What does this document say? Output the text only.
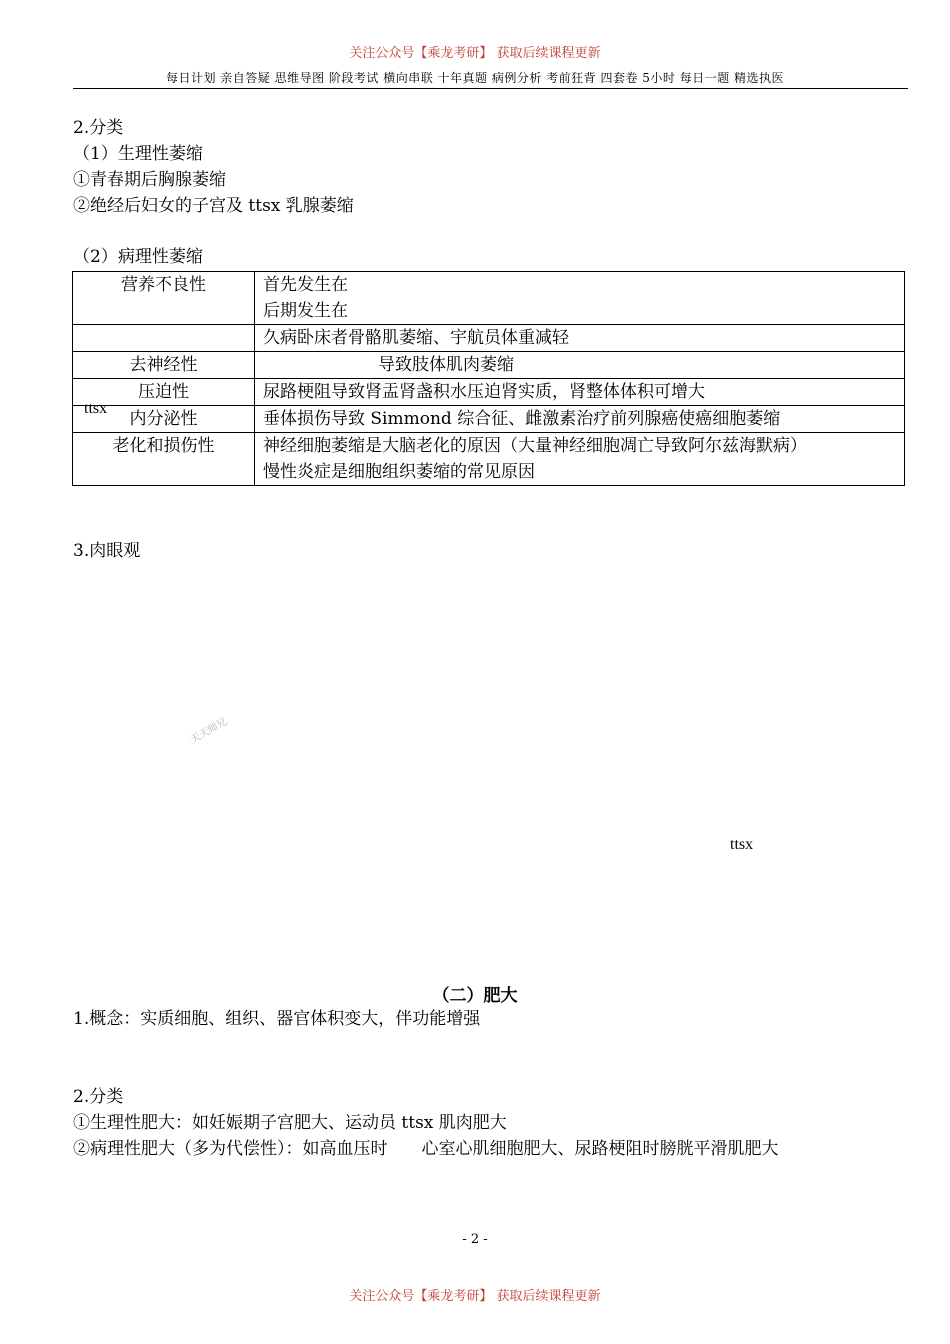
关注公众号【乘龙考研】 获取后续课程更新
每日计划 亲自答疑 思维导图 阶段考试 横向串联 十年真题 病例分析 考前狂背 四套卷 5小时 每日一题 精选执医
2.分类
（1）生理性萎缩
①青春期后胸腺萎缩
②绝经后妇女的子宫及 ttsx 乳腺萎缩
（2）病理性萎缩
营养不良性	首先发生在
后期发生在

	久病卧床者骨骼肌萎缩、宇航员体重减轻

去神经性	导致肢体肌肉萎缩

压迫性	尿路梗阻导致肾盂肾盏积水压迫肾实质，肾整体体积可增大

内分泌性	垂体损伤导致 Simmond 综合征、雌激素治疗前列腺癌使癌细胞萎缩

老化和损伤性	神经细胞萎缩是大脑老化的原因（大量神经细胞凋亡导致阿尔兹海默病）
慢性炎症是细胞组织萎缩的常见原因
ttsx
3.肉眼观
天天师兄
ttsx
（二）肥大
1.概念：实质细胞、组织、器官体积变大，伴功能增强
2.分类
①生理性肥大：如妊娠期子宫肥大、运动员 ttsx 肌肉肥大
②病理性肥大（多为代偿性）：如高血压时　　心室心肌细胞肥大、尿路梗阻时膀胱平滑肌肥大
- 2 -
关注公众号【乘龙考研】 获取后续课程更新
